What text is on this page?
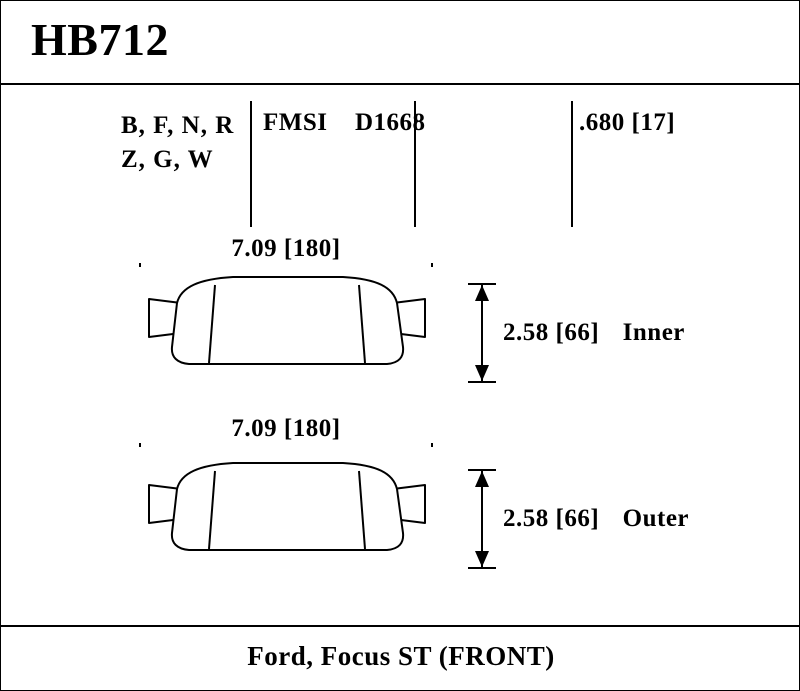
HB712
B, F, N, R
Z, G, W
FMSI D1668	.680 [17]
7.09 [180]
2.58 [66] Inner
7.09 [180]
2.58 [66] Outer
Ford, Focus ST (FRONT)
